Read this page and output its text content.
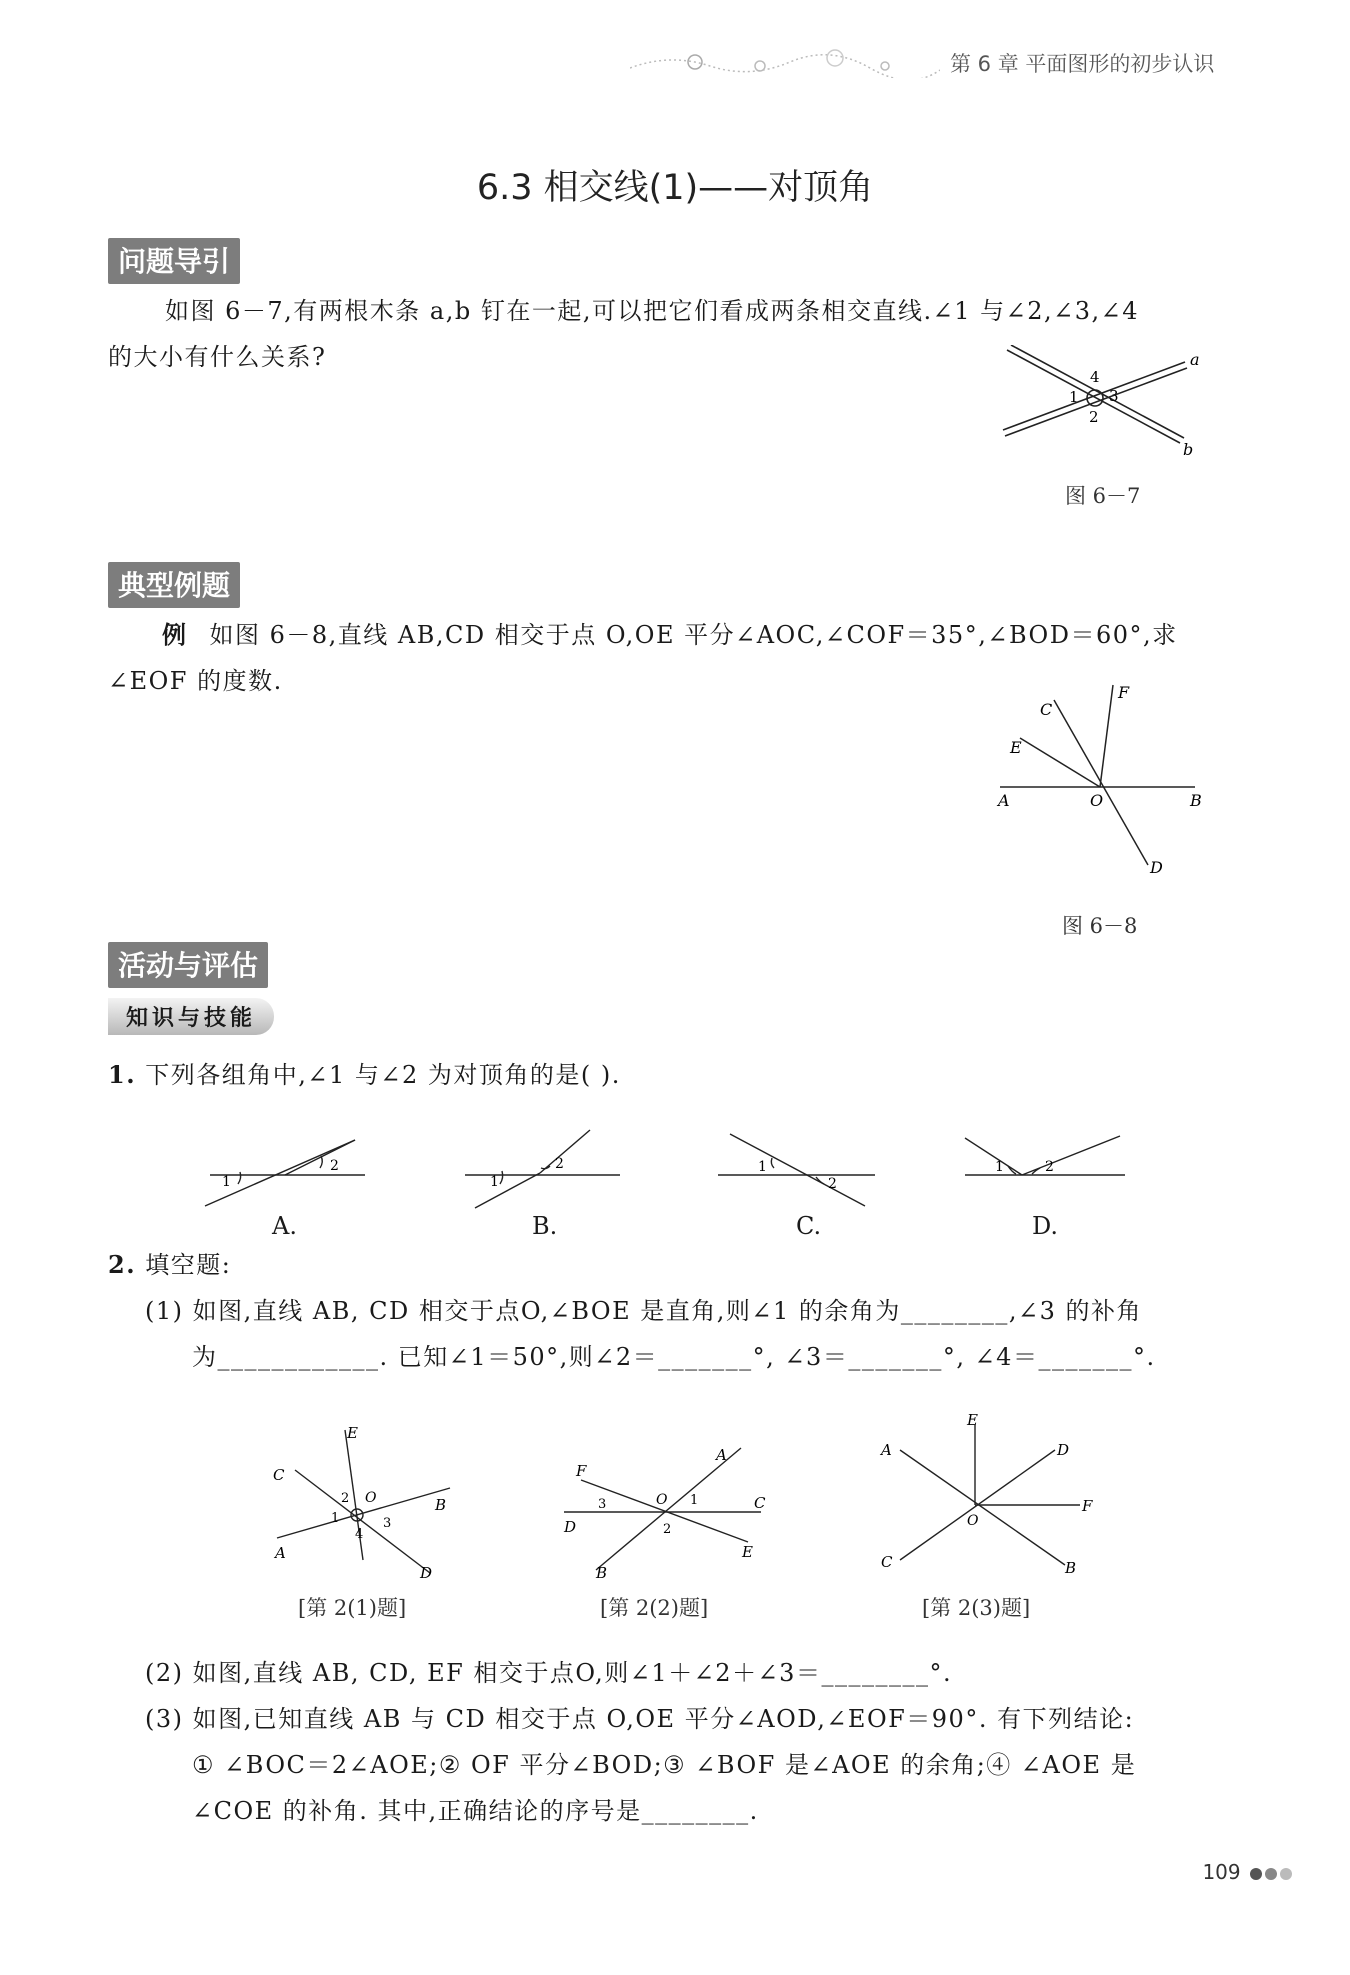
第 6 章 平面图形的初步认识
6.3 相交线(1)——对顶角
问题导引
如图 6－7,有两根木条 a,b 钉在一起,可以把它们看成两条相交直线.∠1 与∠2,∠3,∠4

的大小有什么关系?	a
b
1
2
3
4
图 6－7
典型例题
例 如图 6－8,直线 AB,CD 相交于点 O,OE 平分∠AOC,∠COF＝35°,∠BOD＝60°,求
∠EOF 的度数.
A	B
C
D
E
F
O
图 6－8
活动与评估
知识与技能
1. 下列各组角中,∠1 与∠2 为对顶角的是( ).
1
2
1
2	1
2
1	2
A.	B.	C.	D.
2. 填空题:
(1) 如图,直线 AB, CD 相交于点O,∠BOE 是直角,则∠1 的余角为________,∠3 的补角
为____________. 已知∠1＝50°,则∠2＝_______°, ∠3＝_______°, ∠4＝_______°.
E
C
B
A
D
O
2
1	3
4
[第 2(1)题]
F
A
C
D
E
B
O
3	1
2
[第 2(2)题]
E
A	D
F
C	B
O
[第 2(3)题]
(2) 如图,直线 AB, CD, EF 相交于点O,则∠1＋∠2＋∠3＝________°.
(3) 如图,已知直线 AB 与 CD 相交于点 O,OE 平分∠AOD,∠EOF＝90°. 有下列结论:
① ∠BOC＝2∠AOE;② OF 平分∠BOD;③ ∠BOF 是∠AOE 的余角;④ ∠AOE 是
∠COE 的补角. 其中,正确结论的序号是________.
109
